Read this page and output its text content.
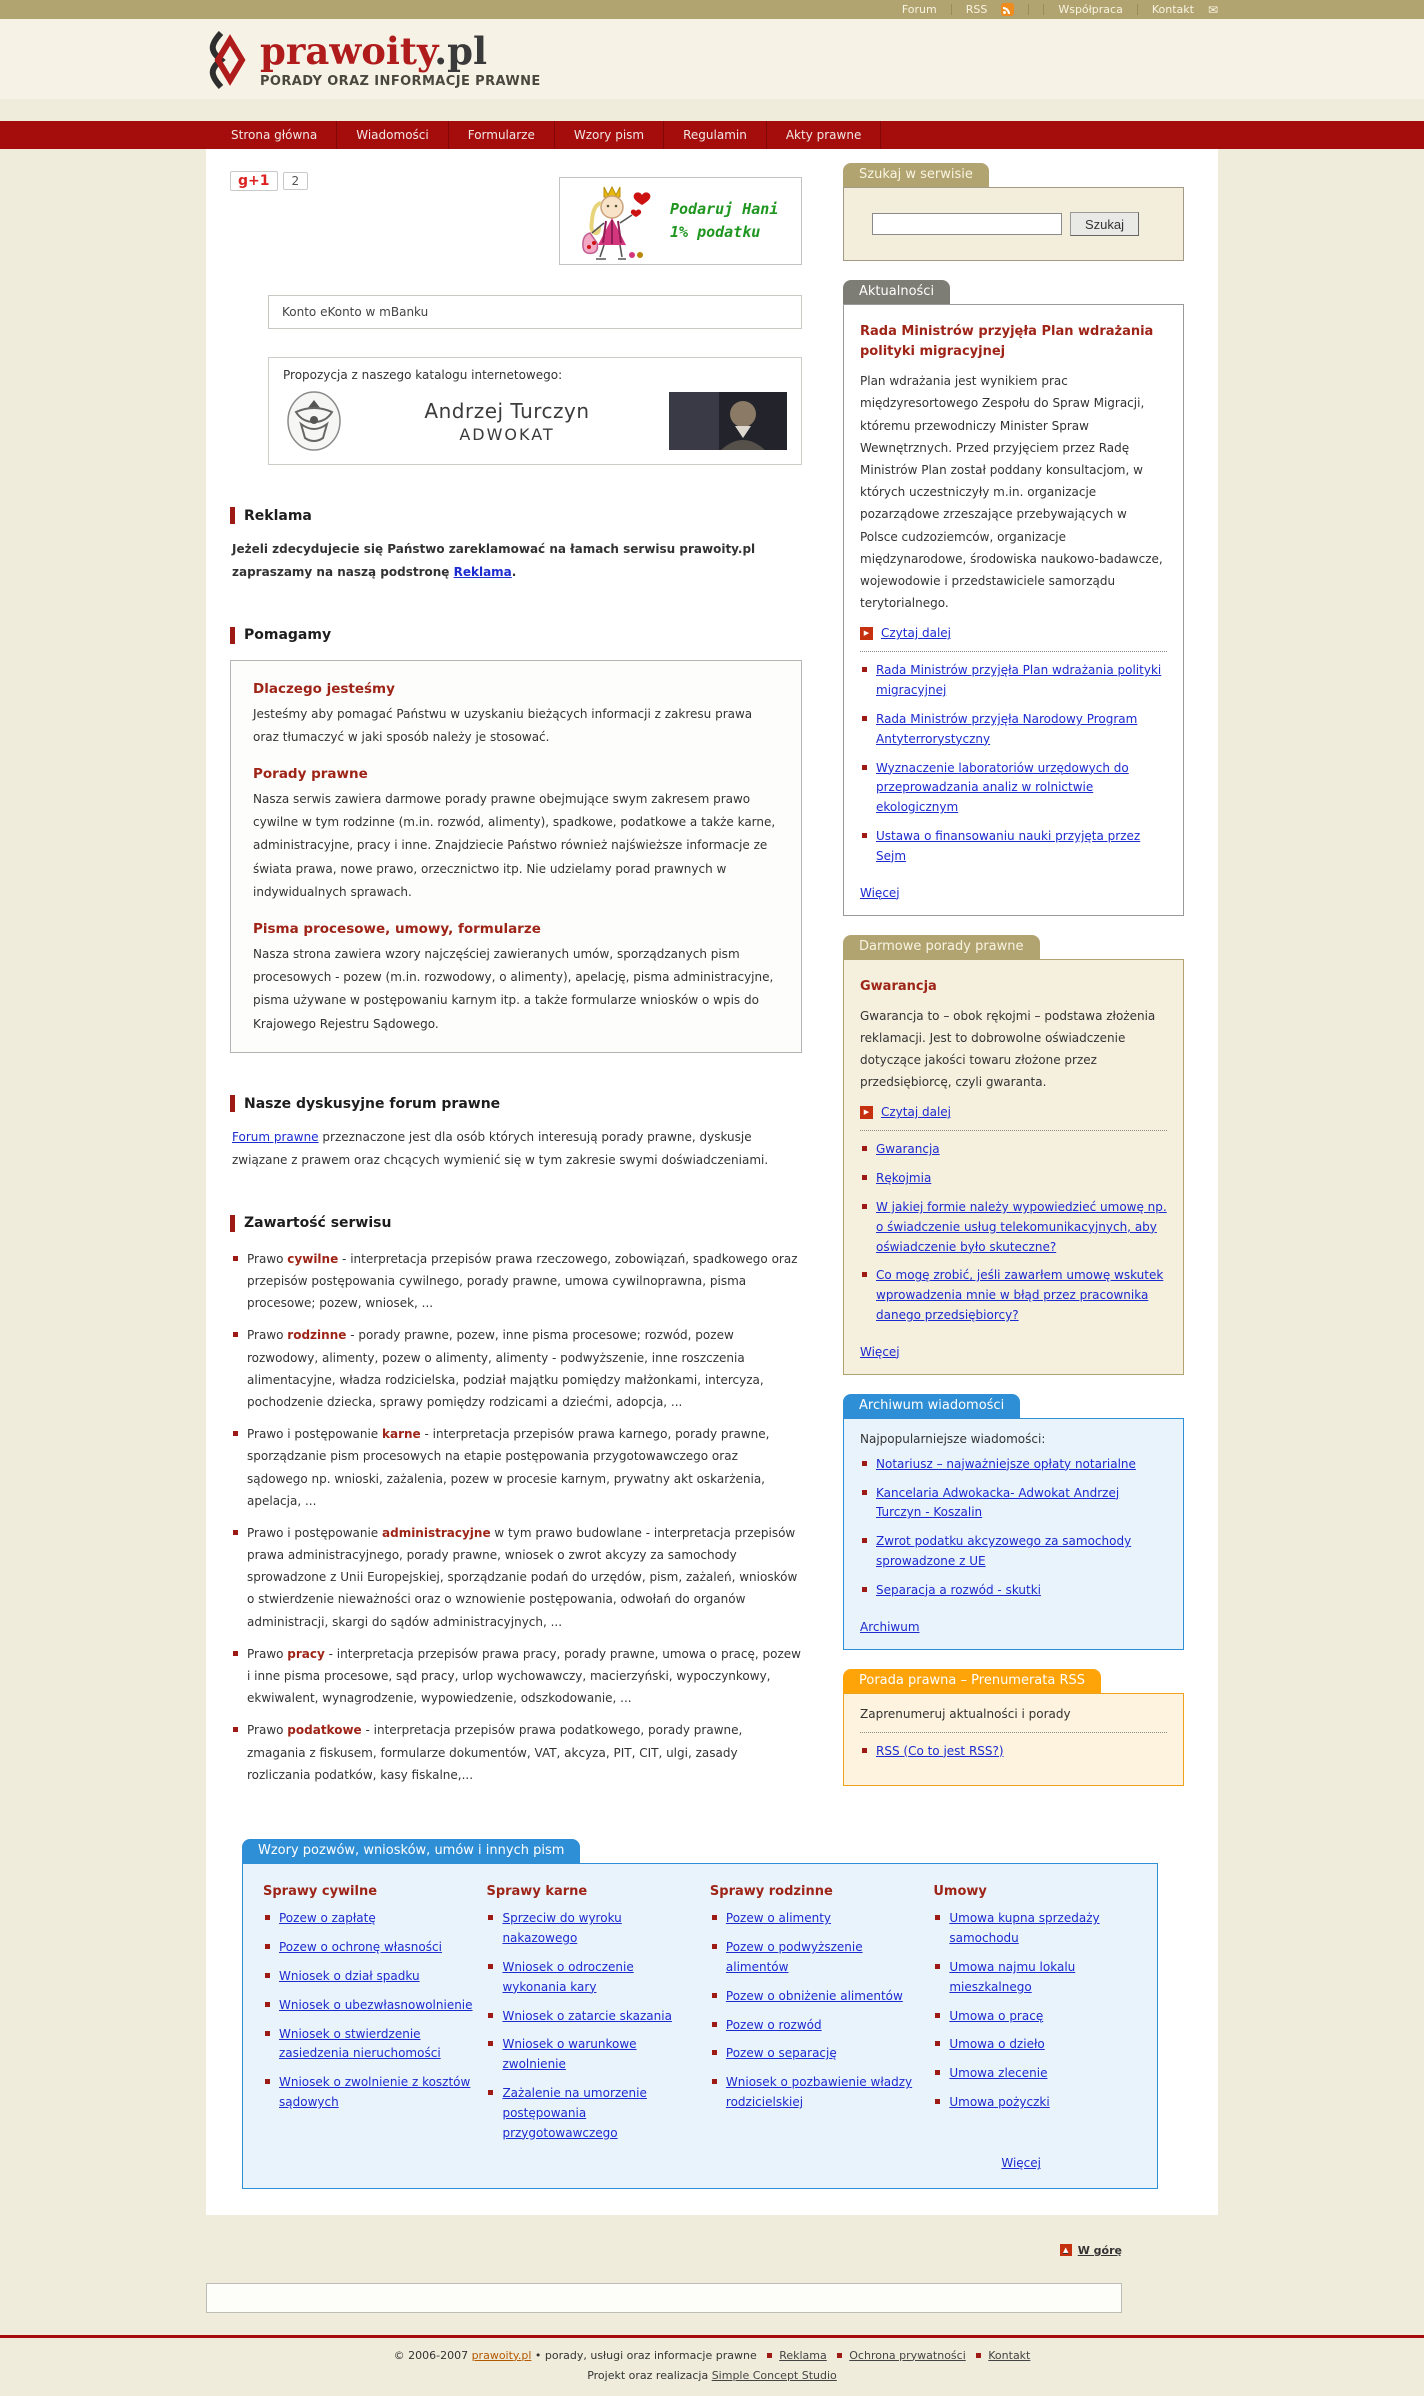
Forum	RSS	Współpraca	Kontakt ✉
prawoity.pl
PORADY ORAZ INFORMACJE PRAWNE
Strona główna	Wiadomości	Formularze	Wzory pism	Regulamin	Akty prawne
g+1	2
Podaruj Hani
1% podatku
Konto eKonto w mBanku
Propozycja z naszego katalogu internetowego:
Andrzej Turczyn
ADWOKAT
Reklama

Jeżeli zdecydujecie się Państwo zareklamować na łamach serwisu prawoity.pl zapraszamy na naszą podstronę Reklama.

Pomagamy
Dlaczego jesteśmy

Jesteśmy aby pomagać Państwu w uzyskaniu bieżących informacji z zakresu prawa oraz tłumaczyć w jaki sposób należy je stosować.

Porady prawne

Nasza serwis zawiera darmowe porady prawne obejmujące swym zakresem prawo cywilne w tym rodzinne (m.in. rozwód, alimenty), spadkowe, podatkowe a także karne, administracyjne, pracy i inne. Znajdziecie Państwo również najświeższe informacje ze świata prawa, nowe prawo, orzecznictwo itp. Nie udzielamy porad prawnych w indywidualnych sprawach.

Pisma procesowe, umowy, formularze

Nasza strona zawiera wzory najczęściej zawieranych umów, sporządzanych pism procesowych - pozew (m.in. rozwodowy, o alimenty), apelację, pisma administracyjne, pisma używane w postępowaniu karnym itp. a także formularze wniosków o wpis do Krajowego Rejestru Sądowego.

Nasze dyskusyjne forum prawne

Forum prawne przeznaczone jest dla osób których interesują porady prawne, dyskusje związane z prawem oraz chcących wymienić się w tym zakresie swymi doświadczeniami.

Zawartość serwisu
Prawo cywilne - interpretacja przepisów prawa rzeczowego, zobowiązań, spadkowego oraz przepisów postępowania cywilnego, porady prawne, umowa cywilnoprawna, pisma procesowe; pozew, wniosek, ...
Prawo rodzinne - porady prawne, pozew, inne pisma procesowe; rozwód, pozew rozwodowy, alimenty, pozew o alimenty, alimenty - podwyższenie, inne roszczenia alimentacyjne, władza rodzicielska, podział majątku pomiędzy małżonkami, intercyza, pochodzenie dziecka, sprawy pomiędzy rodzicami a dziećmi, adopcja, ...
Prawo i postępowanie karne - interpretacja przepisów prawa karnego, porady prawne, sporządzanie pism procesowych na etapie postępowania przygotowawczego oraz sądowego np. wnioski, zażalenia, pozew w procesie karnym, prywatny akt oskarżenia, apelacja, ...
Prawo i postępowanie administracyjne w tym prawo budowlane - interpretacja przepisów prawa administracyjnego, porady prawne, wniosek o zwrot akcyzy za samochody sprowadzone z Unii Europejskiej, sporządzanie podań do urzędów, pism, zażaleń, wniosków o stwierdzenie nieważności oraz o wznowienie postępowania, odwołań do organów administracji, skargi do sądów administracyjnych, ...
Prawo pracy - interpretacja przepisów prawa pracy, porady prawne, umowa o pracę, pozew i inne pisma procesowe, sąd pracy, urlop wychowawczy, macierzyński, wypoczynkowy, ekwiwalent, wynagrodzenie, wypowiedzenie, odszkodowanie, ...
Prawo podatkowe - interpretacja przepisów prawa podatkowego, porady prawne, zmagania z fiskusem, formularze dokumentów, VAT, akcyza, PIT, CIT, ulgi, zasady rozliczania podatków, kasy fiskalne,...
Szukaj w serwisie
Szukaj
Aktualności
Rada Ministrów przyjęła Plan wdrażania polityki migracyjnej

Plan wdrażania jest wynikiem prac międzyresortowego Zespołu do Spraw Migracji, któremu przewodniczy Minister Spraw Wewnętrznych. Przed przyjęciem przez Radę Ministrów Plan został poddany konsultacjom, w których uczestniczyły m.in. organizacje pozarządowe zrzeszające przebywających w Polsce cudzoziemców, organizacje międzynarodowe, środowiska naukowo-badawcze, wojewodowie i przedstawiciele samorządu terytorialnego.

▶ Czytaj dalej
Rada Ministrów przyjęła Plan wdrażania polityki migracyjnej
Rada Ministrów przyjęła Narodowy Program Antyterrorystyczny
Wyznaczenie laboratoriów urzędowych do przeprowadzania analiz w rolnictwie ekologicznym
Ustawa o finansowaniu nauki przyjęta przez Sejm
Więcej
Darmowe porady prawne
Gwarancja

Gwarancja to – obok rękojmi – podstawa złożenia reklamacji. Jest to dobrowolne oświadczenie dotyczące jakości towaru złożone przez przedsiębiorcę, czyli gwaranta.

▶ Czytaj dalej
Gwarancja
Rękojmia
W jakiej formie należy wypowiedzieć umowę np. o świadczenie usług telekomunikacyjnych, aby oświadczenie było skuteczne?
Co mogę zrobić, jeśli zawarłem umowę wskutek wprowadzenia mnie w błąd przez pracownika danego przedsiębiorcy?
Więcej
Archiwum wiadomości
Najpopularniejsze wiadomości:
Notariusz – najważniejsze opłaty notarialne
Kancelaria Adwokacka- Adwokat Andrzej Turczyn - Koszalin
Zwrot podatku akcyzowego za samochody sprowadzone z UE
Separacja a rozwód - skutki
Archiwum
Porada prawna – Prenumerata RSS
Zaprenumeruj aktualności i porady
RSS (Co to jest RSS?)
Wzory pozwów, wniosków, umów i innych pism
Sprawy cywilne
Pozew o zapłatę
Pozew o ochronę własności
Wniosek o dział spadku
Wniosek o ubezwłasnowolnienie
Wniosek o stwierdzenie zasiedzenia nieruchomości
Wniosek o zwolnienie z kosztów sądowych
Sprawy karne
Sprzeciw do wyroku nakazowego
Wniosek o odroczenie wykonania kary
Wniosek o zatarcie skazania
Wniosek o warunkowe zwolnienie
Zażalenie na umorzenie postępowania przygotowawczego
Sprawy rodzinne
Pozew o alimenty
Pozew o podwyższenie alimentów
Pozew o obniżenie alimentów
Pozew o rozwód
Pozew o separację
Wniosek o pozbawienie władzy rodzicielskiej
Umowy
Umowa kupna sprzedaży samochodu
Umowa najmu lokalu mieszkalnego
Umowa o pracę
Umowa o dzieło
Umowa zlecenie
Umowa pożyczki
Więcej
▲ W górę
© 2006-2007 prawoity.pl • porady, usługi oraz informacje prawne Reklama Ochrona prywatności Kontakt
Projekt oraz realizacja Simple Concept Studio
